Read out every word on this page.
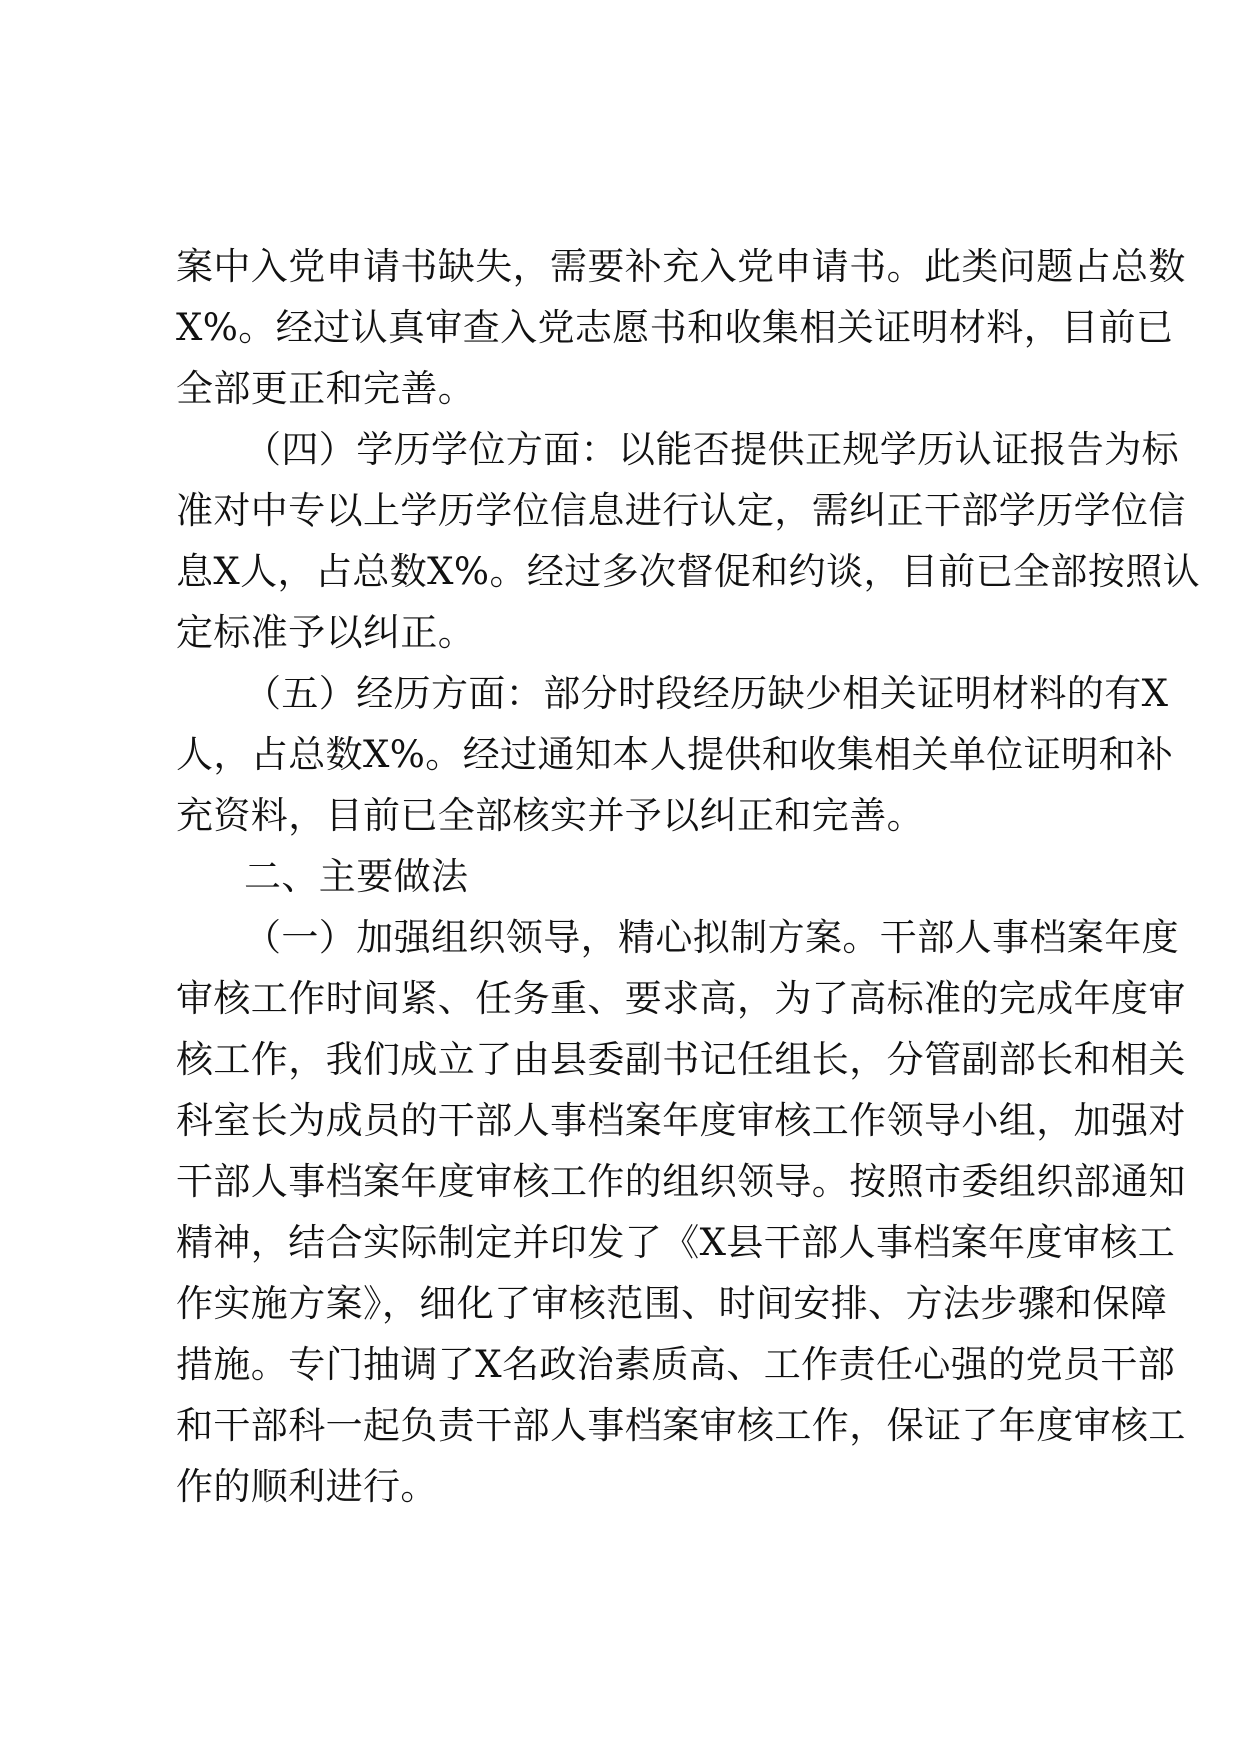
案中入党申请书缺失，需要补充入党申请书。此类问题占总数
X%。经过认真审查入党志愿书和收集相关证明材料，目前已
全部更正和完善。
（四）学历学位方面：以能否提供正规学历认证报告为标
准对中专以上学历学位信息进行认定，需纠正干部学历学位信
息X人，占总数X%。经过多次督促和约谈，目前已全部按照认
定标准予以纠正。
（五）经历方面：部分时段经历缺少相关证明材料的有X
人，占总数X%。经过通知本人提供和收集相关单位证明和补
充资料，目前已全部核实并予以纠正和完善。
二、主要做法
（一）加强组织领导，精心拟制方案。干部人事档案年度
审核工作时间紧、任务重、要求高，为了高标准的完成年度审
核工作，我们成立了由县委副书记任组长，分管副部长和相关
科室长为成员的干部人事档案年度审核工作领导小组，加强对
干部人事档案年度审核工作的组织领导。按照市委组织部通知
精神，结合实际制定并印发了《X县干部人事档案年度审核工
作实施方案》，细化了审核范围、时间安排、方法步骤和保障
措施。专门抽调了X名政治素质高、工作责任心强的党员干部
和干部科一起负责干部人事档案审核工作，保证了年度审核工
作的顺利进行。
